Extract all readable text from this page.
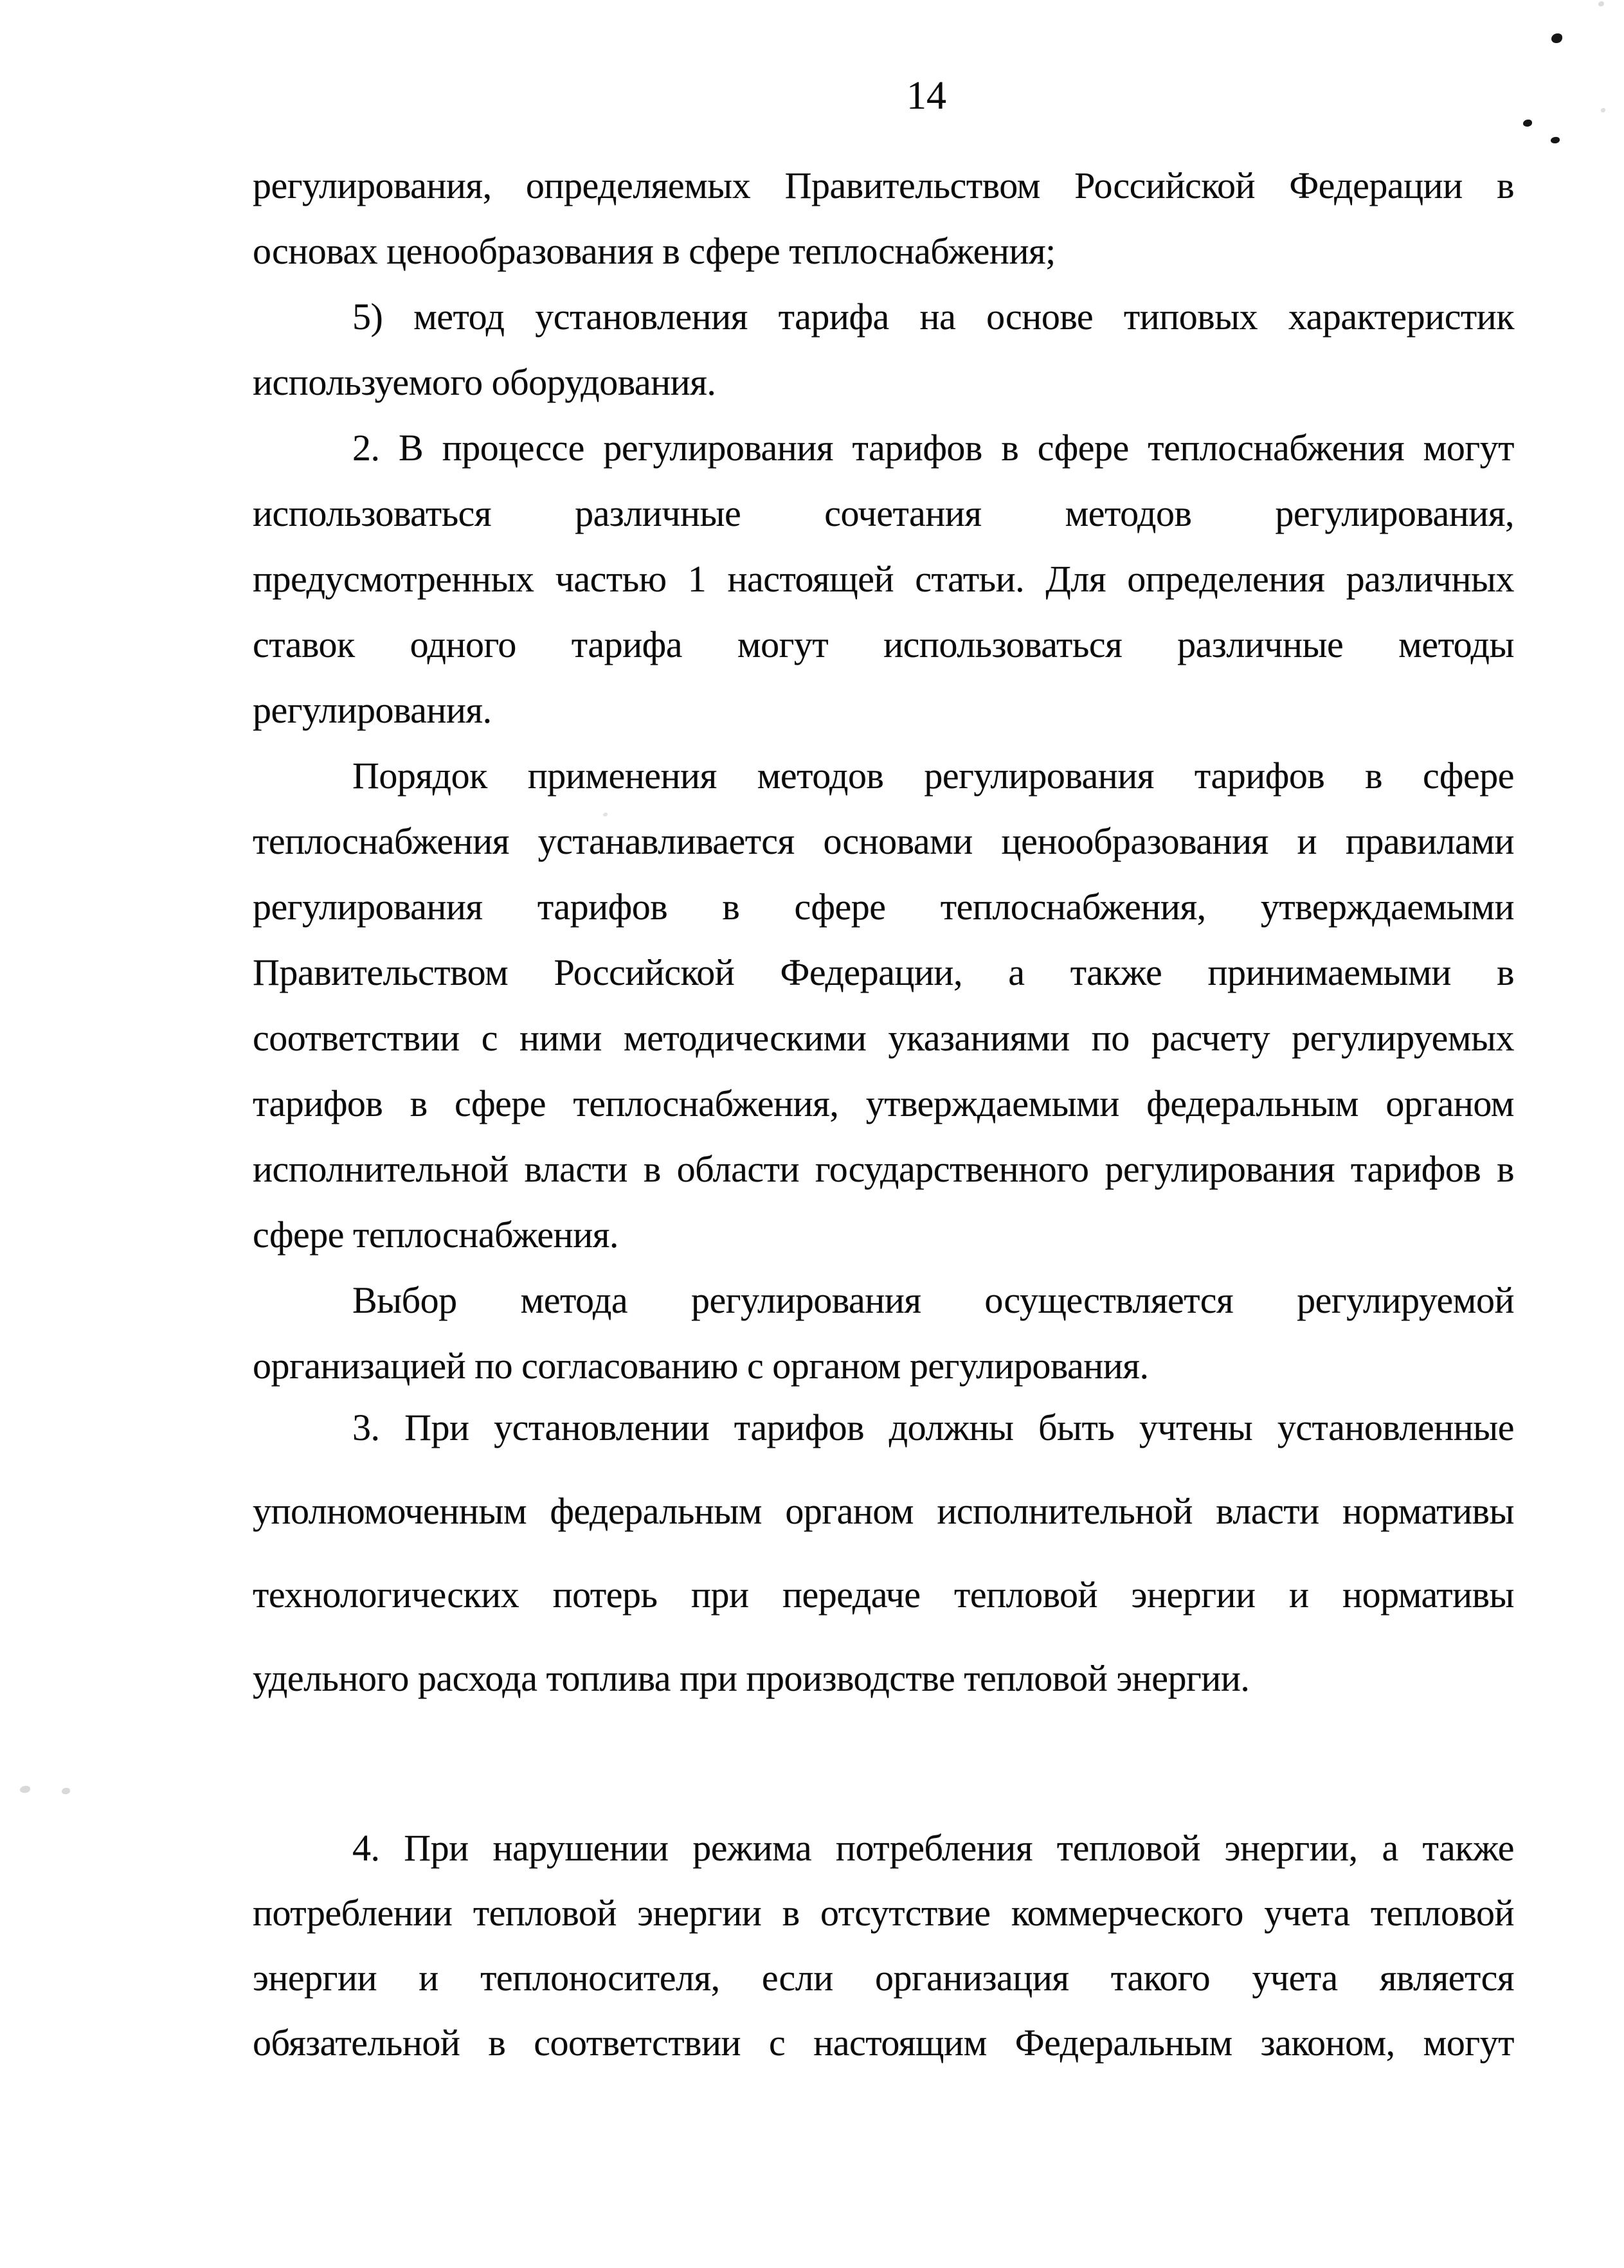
14
регулирования, определяемых Правительством Российской Федерации в
основах ценообразования в сфере теплоснабжения;
5) метод установления тарифа на основе типовых характеристик
используемого оборудования.
2. В процессе регулирования тарифов в сфере теплоснабжения могут
использоваться различные сочетания методов регулирования,
предусмотренных частью 1 настоящей статьи. Для определения различных
ставок одного тарифа могут использоваться различные методы
регулирования.
Порядок применения методов регулирования тарифов в сфере
теплоснабжения устанавливается основами ценообразования и правилами
регулирования тарифов в сфере теплоснабжения, утверждаемыми
Правительством Российской Федерации, а также принимаемыми в
соответствии с ними методическими указаниями по расчету регулируемых
тарифов в сфере теплоснабжения, утверждаемыми федеральным органом
исполнительной власти в области государственного регулирования тарифов в
сфере теплоснабжения.
Выбор метода регулирования осуществляется регулируемой
организацией по согласованию с органом регулирования.
3. При установлении тарифов должны быть учтены установленные
уполномоченным федеральным органом исполнительной власти нормативы
технологических потерь при передаче тепловой энергии и нормативы
удельного расхода топлива при производстве тепловой энергии.
4. При нарушении режима потребления тепловой энергии, а также
потреблении тепловой энергии в отсутствие коммерческого учета тепловой
энергии и теплоносителя, если организация такого учета является
обязательной в соответствии с настоящим Федеральным законом, могут
